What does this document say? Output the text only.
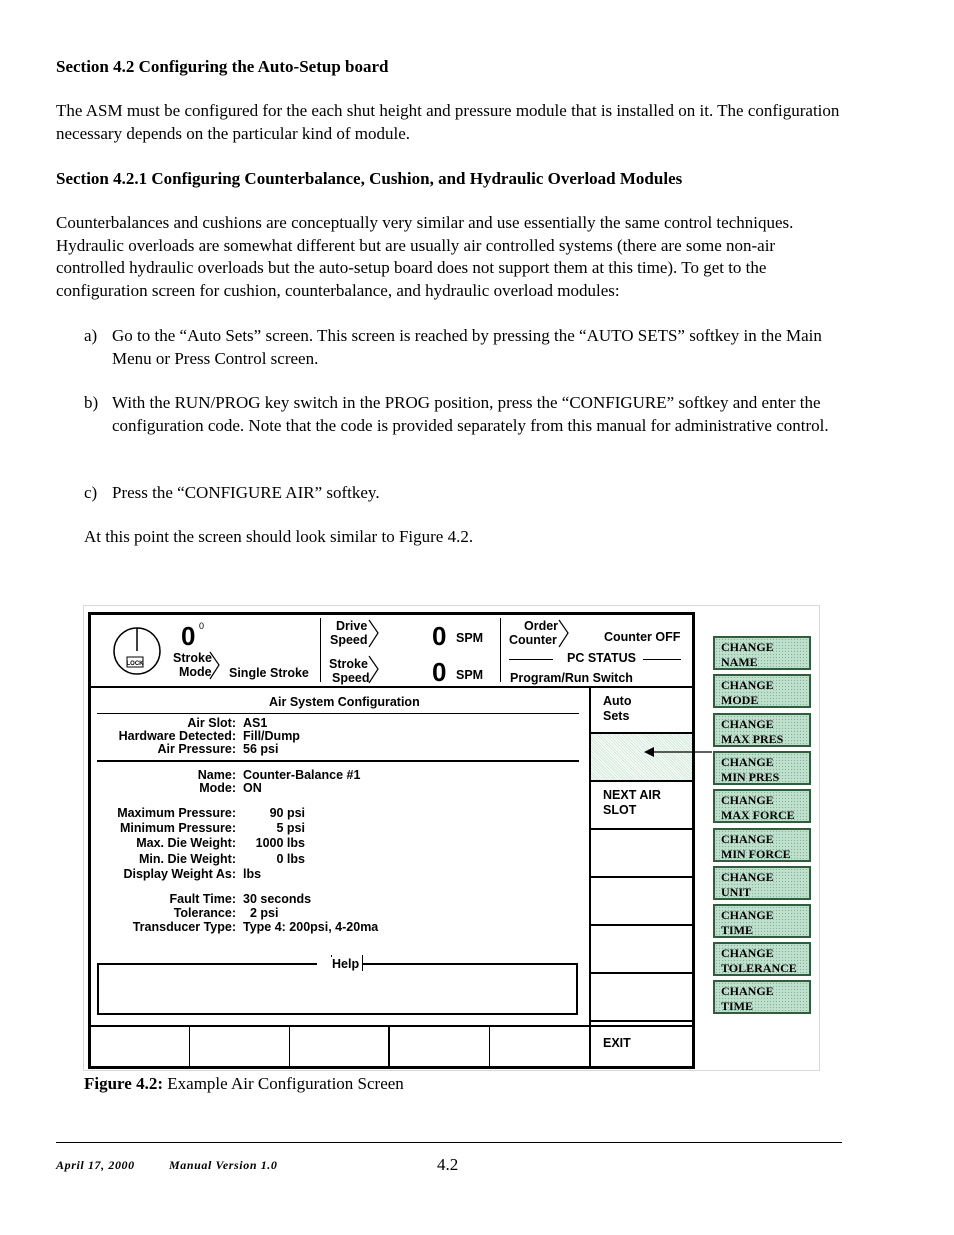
Section 4.2 Configuring the Auto-Setup board
The ASM must be configured for the each shut height and pressure module that is installed on it. The configuration necessary depends on the particular kind of module.
Section 4.2.1 Configuring Counterbalance, Cushion, and Hydraulic Overload Modules
Counterbalances and cushions are conceptually very similar and use essentially the same control techniques. Hydraulic overloads are somewhat different but are usually air controlled systems (there are some non-air controlled hydraulic overloads but the auto-setup board does not support them at this time). To get to the configuration screen for cushion, counterbalance, and hydraulic overload modules:
a) Go to the “Auto Sets” screen. This screen is reached by pressing the “AUTO SETS” softkey in the Main Menu or Press Control screen.
b) With the RUN/PROG key switch in the PROG position, press the “CONFIGURE” softkey and enter the configuration code. Note that the code is provided separately from this manual for administrative control.
c) Press the “CONFIGURE AIR” softkey.
At this point the screen should look similar to Figure 4.2.
LOCK
0 0
Stroke
Mode Single Stroke
Drive
Speed 0 SPM
Stroke
Speed 0 SPM
Order
Counter	Counter OFF
PC STATUS
Program/Run Switch
Air System Configuration
Air Slot: AS1
Hardware Detected: Fill/Dump
Air Pressure: 56 psi
Name: Counter-Balance #1
Mode: ON
Maximum Pressure:	90 psi
Minimum Pressure:	5 psi
Max. Die Weight:	1000 lbs
Min. Die Weight:	0 lbs
Display Weight As: lbs
Fault Time: 30 seconds
Tolerance: 2 psi
Transducer Type: Type 4: 200psi, 4-20ma
Help
Auto
Sets
NEXT AIR
SLOT
EXIT
CHANGE
NAME
CHANGE
MODE
CHANGE
MAX PRES
CHANGE
MIN PRES
CHANGE
MAX FORCE
CHANGE
MIN FORCE
CHANGE
UNIT
CHANGE
TIME
CHANGE
TOLERANCE
CHANGE
TIME
Figure 4.2: Example Air Configuration Screen
April 17, 2000	Manual Version 1.0	4.2
